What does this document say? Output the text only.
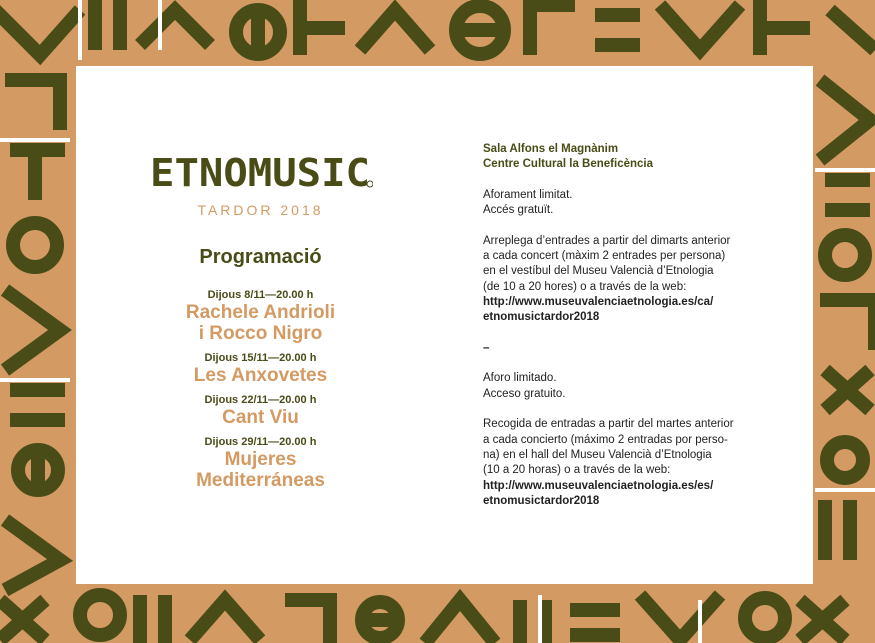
ETNOMUSIC
TARDOR 2018
Programació
Dijous 8/11—20.00 h
Rachele Andrioli
i Rocco Nigro
Dijous 15/11—20.00 h
Les Anxovetes
Dijous 22/11—20.00 h
Cant Viu
Dijous 29/11—20.00 h
Mujeres
Mediterráneas

Sala Alfons el Magnànim
Centre Cultural la Beneficència

Aforament limitat.
Accés gratuït.

Arreplega d’entrades a partir del dimarts anterior
a cada concert (màxim 2 entrades per persona)
en el vestíbul del Museu Valencià d’Etnologia
(de 10 a 20 hores) o a través de la web:
http://www.museuvalenciaetnologia.es/ca/
etnomusictardor2018

–

Aforo limitado.
Acceso gratuito.

Recogida de entradas a partir del martes anterior
a cada concierto (máximo 2 entradas por perso-
na) en el hall del Museu Valencià d’Etnologia
(10 a 20 horas) o a través de la web:
http://www.museuvalenciaetnologia.es/es/
etnomusictardor2018
